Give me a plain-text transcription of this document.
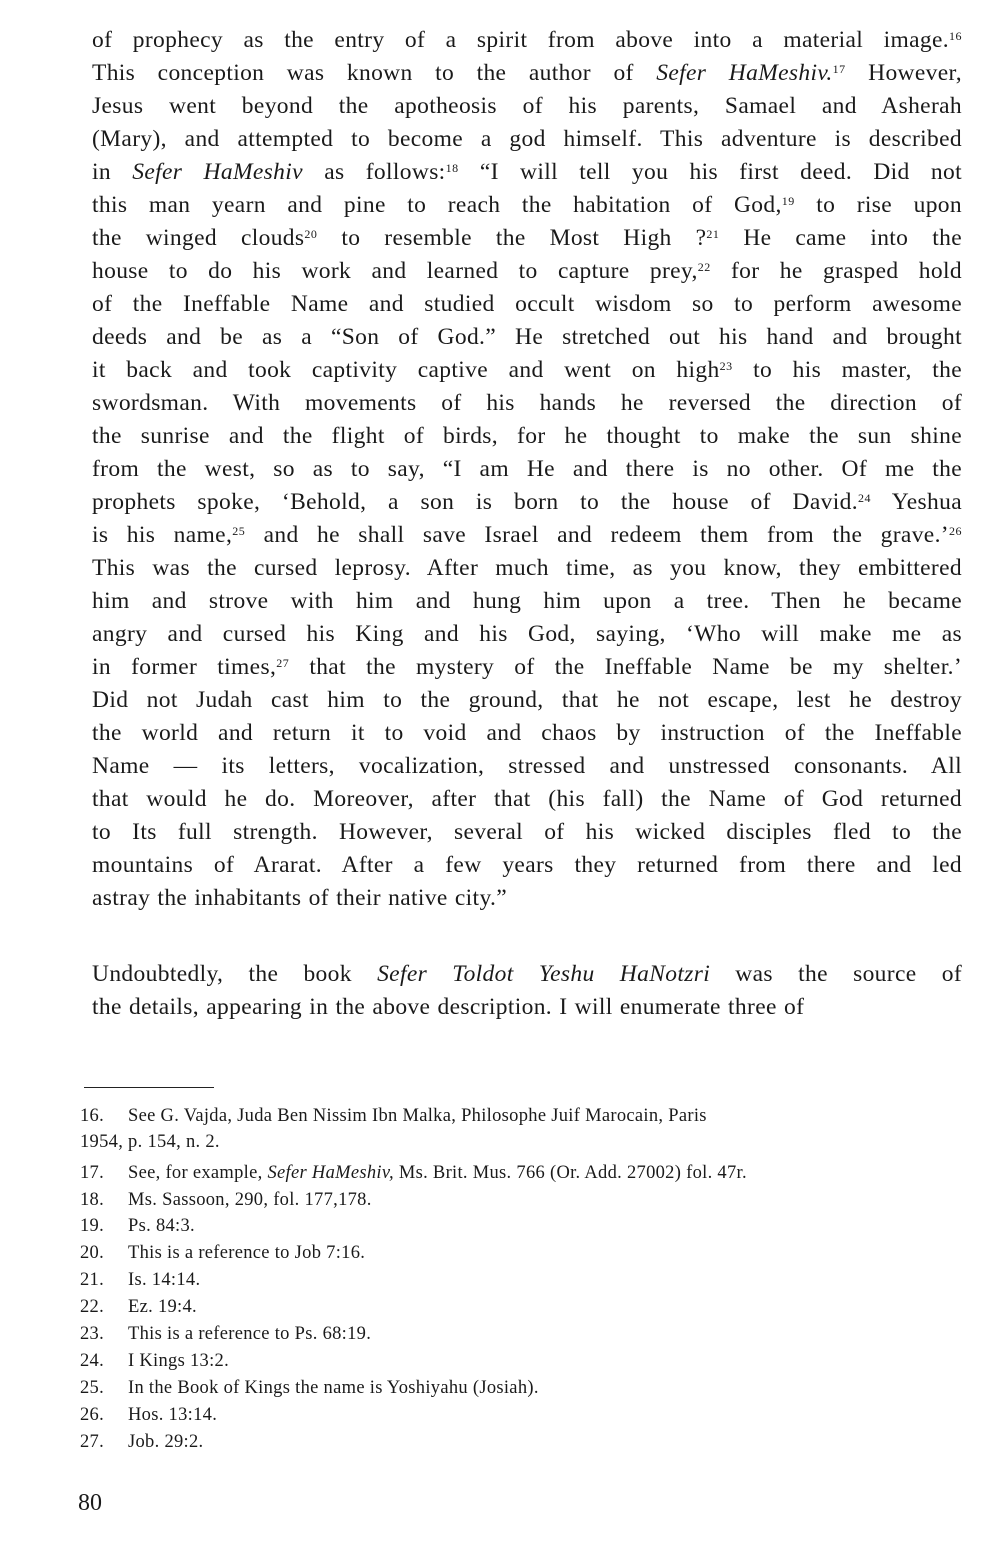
of prophecy as the entry of a spirit from above into a material image.$^{16}$
This conception was known to the author of Sefer HaMeshiv.$^{17}$ However,
Jesus went beyond the apotheosis of his parents, Samael and Asherah
(Mary), and attempted to become a god himself. This adventure is described
in Sefer HaMeshiv as follows:$^{18}$ “I will tell you his first deed. Did not
this man yearn and pine to reach the habitation of God,$^{19}$ to rise upon
the winged clouds$^{20}$ to resemble the Most High ?$^{21}$ He came into the
house to do his work and learned to capture prey,$^{22}$ for he grasped hold
of the Ineffable Name and studied occult wisdom so to perform awesome
deeds and be as a “Son of God.” He stretched out his hand and brought
it back and took captivity captive and went on high$^{23}$ to his master, the
swordsman. With movements of his hands he reversed the direction of
the sunrise and the flight of birds, for he thought to make the sun shine
from the west, so as to say, “I am He and there is no other. Of me the
prophets spoke, ‘Behold, a son is born to the house of David.$^{24}$ Yeshua
is his name,$^{25}$ and he shall save Israel and redeem them from the grave.’$^{26}$
This was the cursed leprosy. After much time, as you know, they embittered
him and strove with him and hung him upon a tree. Then he became
angry and cursed his King and his God, saying, ‘Who will make me as
in former times,$^{27}$ that the mystery of the Ineffable Name be my shelter.’
Did not Judah cast him to the ground, that he not escape, lest he destroy
the world and return it to void and chaos by instruction of the Ineffable
Name — its letters, vocalization, stressed and unstressed consonants. All
that would he do. Moreover, after that (his fall) the Name of God returned
to Its full strength. However, several of his wicked disciples fled to the
mountains of Ararat. After a few years they returned from there and led
astray the inhabitants of their native city.”
Undoubtedly, the book Sefer Toldot Yeshu HaNotzri was the source of
the details, appearing in the above description. I will enumerate three of
16. See G. Vajda, Juda Ben Nissim Ibn Malka, Philosophe Juif Marocain, Paris
1954, p. 154, n. 2.
17. See, for example, Sefer HaMeshiv, Ms. Brit. Mus. 766 (Or. Add. 27002) fol. 47r.
18. Ms. Sassoon, 290, fol. 177,178.
19. Ps. 84:3.
20. This is a reference to Job 7:16.
21. Is. 14:14.
22. Ez. 19:4.
23. This is a reference to Ps. 68:19.
24. I Kings 13:2.
25. In the Book of Kings the name is Yoshiyahu (Josiah).
26. Hos. 13:14.
27. Job. 29:2.
80
